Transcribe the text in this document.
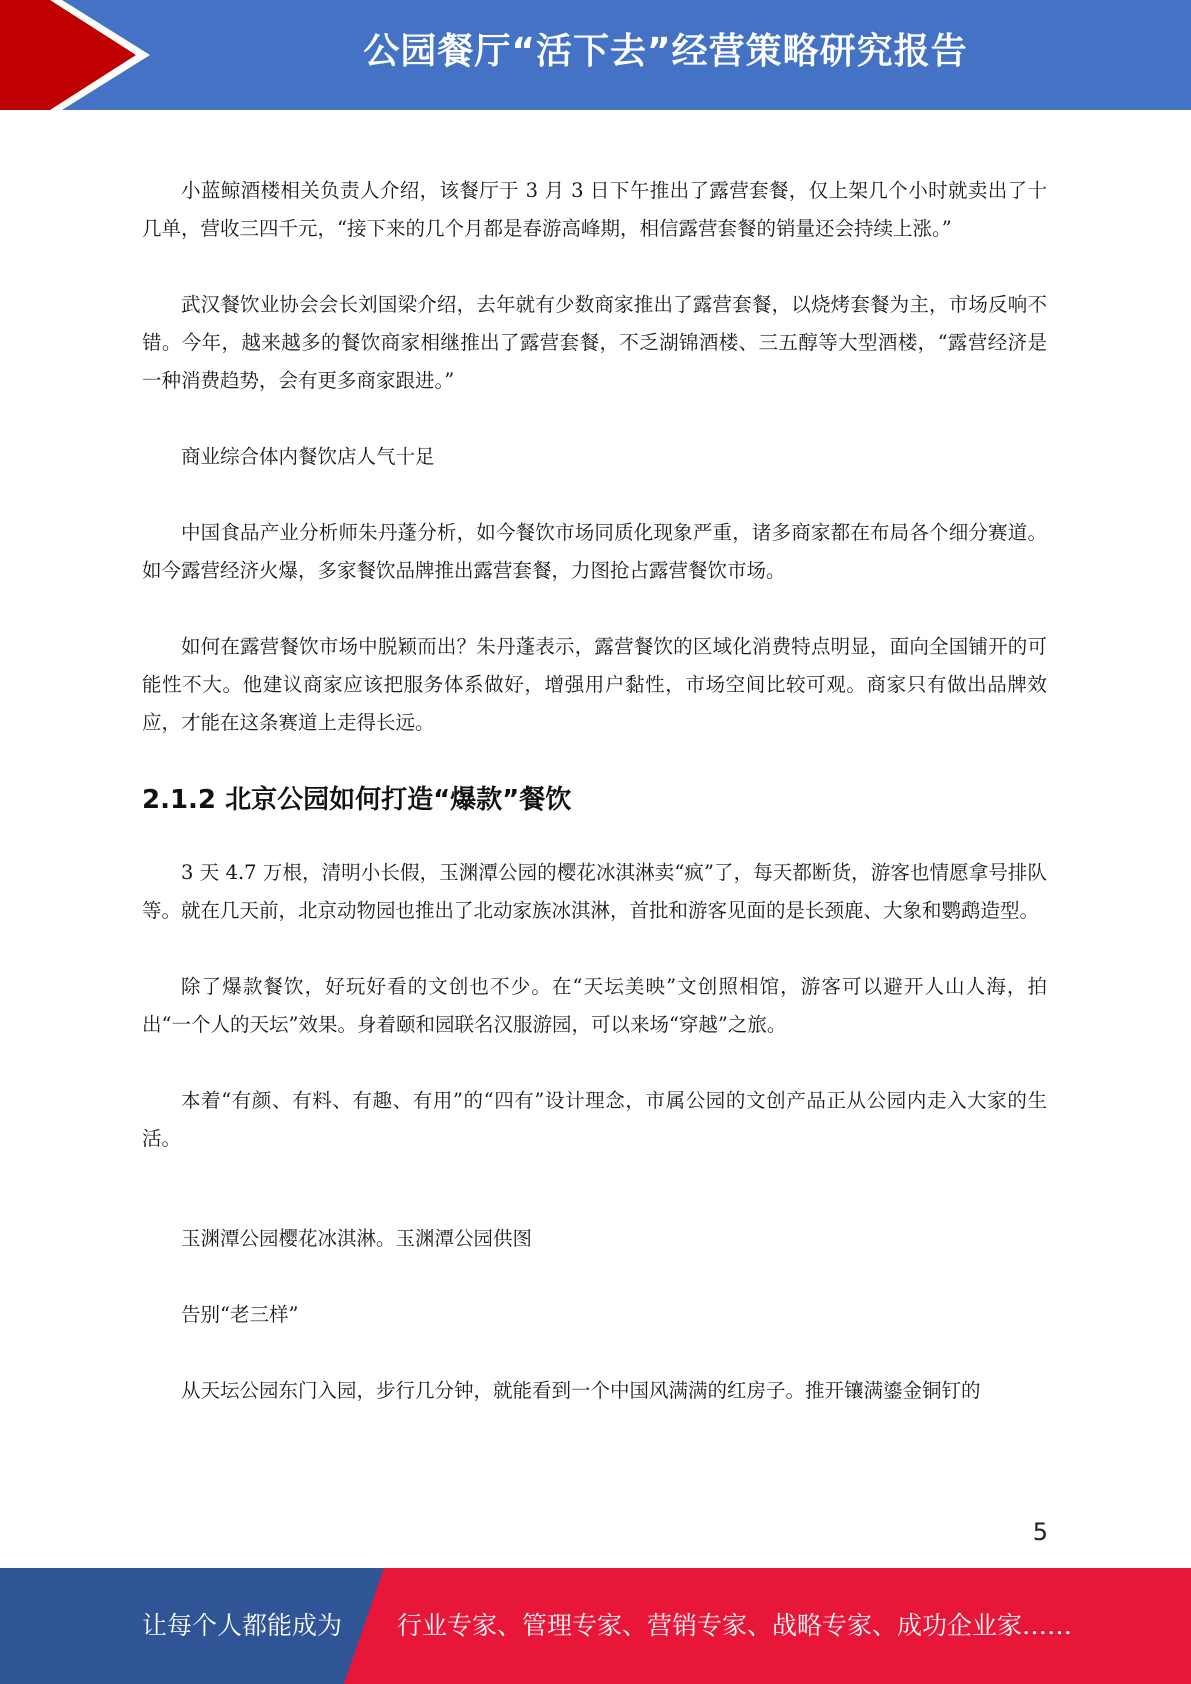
公园餐厅“活下去”经营策略研究报告

小蓝鲸酒楼相关负责人介绍，该餐厅于 3 月 3 日下午推出了露营套餐，仅上架几个小时就卖出了十几单，营收三四千元，“接下来的几个月都是春游高峰期，相信露营套餐的销量还会持续上涨。”

武汉餐饮业协会会长刘国梁介绍，去年就有少数商家推出了露营套餐，以烧烤套餐为主，市场反响不错。今年，越来越多的餐饮商家相继推出了露营套餐，不乏湖锦酒楼、三五醇等大型酒楼，“露营经济是一种消费趋势，会有更多商家跟进。”

商业综合体内餐饮店人气十足

中国食品产业分析师朱丹蓬分析，如今餐饮市场同质化现象严重，诸多商家都在布局各个细分赛道。如今露营经济火爆，多家餐饮品牌推出露营套餐，力图抢占露营餐饮市场。

如何在露营餐饮市场中脱颖而出？朱丹蓬表示，露营餐饮的区域化消费特点明显，面向全国铺开的可能性不大。他建议商家应该把服务体系做好，增强用户黏性，市场空间比较可观。商家只有做出品牌效应，才能在这条赛道上走得长远。

2.1.2 北京公园如何打造“爆款”餐饮

3 天 4.7 万根，清明小长假，玉渊潭公园的樱花冰淇淋卖“疯”了，每天都断货，游客也情愿拿号排队等。就在几天前，北京动物园也推出了北动家族冰淇淋，首批和游客见面的是长颈鹿、大象和鹦鹉造型。

除了爆款餐饮，好玩好看的文创也不少。在“天坛美映”文创照相馆，游客可以避开人山人海，拍出“一个人的天坛”效果。身着颐和园联名汉服游园，可以来场“穿越”之旅。

本着“有颜、有料、有趣、有用”的“四有”设计理念，市属公园的文创产品正从公园内走入大家的生活。

玉渊潭公园樱花冰淇淋。玉渊潭公园供图

告别“老三样”

从天坛公园东门入园，步行几分钟，就能看到一个中国风满满的红房子。推开镶满鎏金铜钉的

5
让每个人都能成为 行业专家、管理专家、营销专家、战略专家、成功企业家……
